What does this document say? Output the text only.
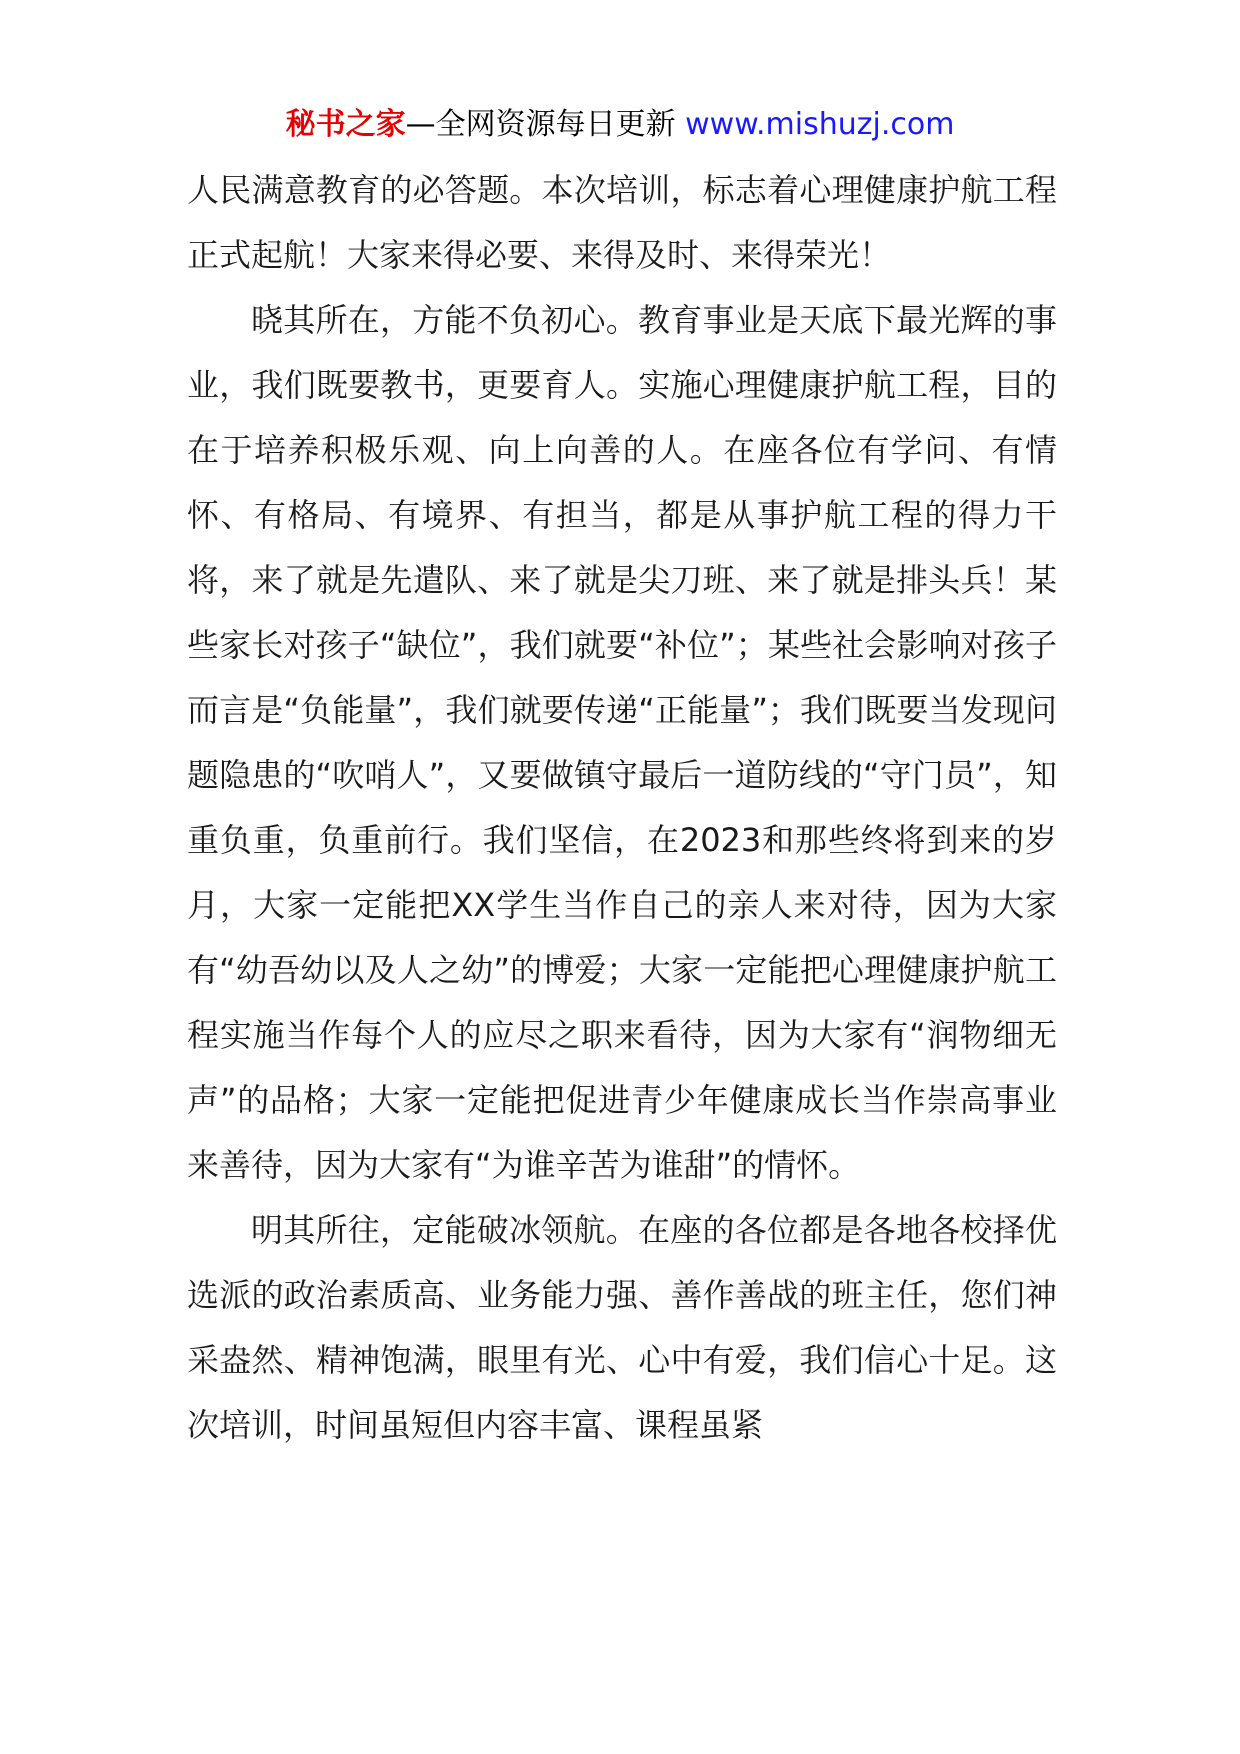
秘书之家—全网资源每日更新 www.mishuzj.com

人民满意教育的必答题。本次培训，标志着心理健康护航工程正式起航！大家来得必要、来得及时、来得荣光！

晓其所在，方能不负初心。教育事业是天底下最光辉的事业，我们既要教书，更要育人。实施心理健康护航工程，目的在于培养积极乐观、向上向善的人。在座各位有学问、有情怀、有格局、有境界、有担当，都是从事护航工程的得力干将，来了就是先遣队、来了就是尖刀班、来了就是排头兵！某些家长对孩子“缺位”，我们就要“补位”；某些社会影响对孩子而言是“负能量”，我们就要传递“正能量”；我们既要当发现问题隐患的“吹哨人”，又要做镇守最后一道防线的“守门员”，知重负重，负重前行。我们坚信，在2023和那些终将到来的岁月，大家一定能把XX学生当作自己的亲人来对待，因为大家有“幼吾幼以及人之幼”的博爱；大家一定能把心理健康护航工程实施当作每个人的应尽之职来看待，因为大家有“润物细无声”的品格；大家一定能把促进青少年健康成长当作崇高事业来善待，因为大家有“为谁辛苦为谁甜”的情怀。

明其所往，定能破冰领航。在座的各位都是各地各校择优选派的政治素质高、业务能力强、善作善战的班主任，您们神采盎然、精神饱满，眼里有光、心中有爱，我们信心十足。这次培训，时间虽短但内容丰富、课程虽紧
